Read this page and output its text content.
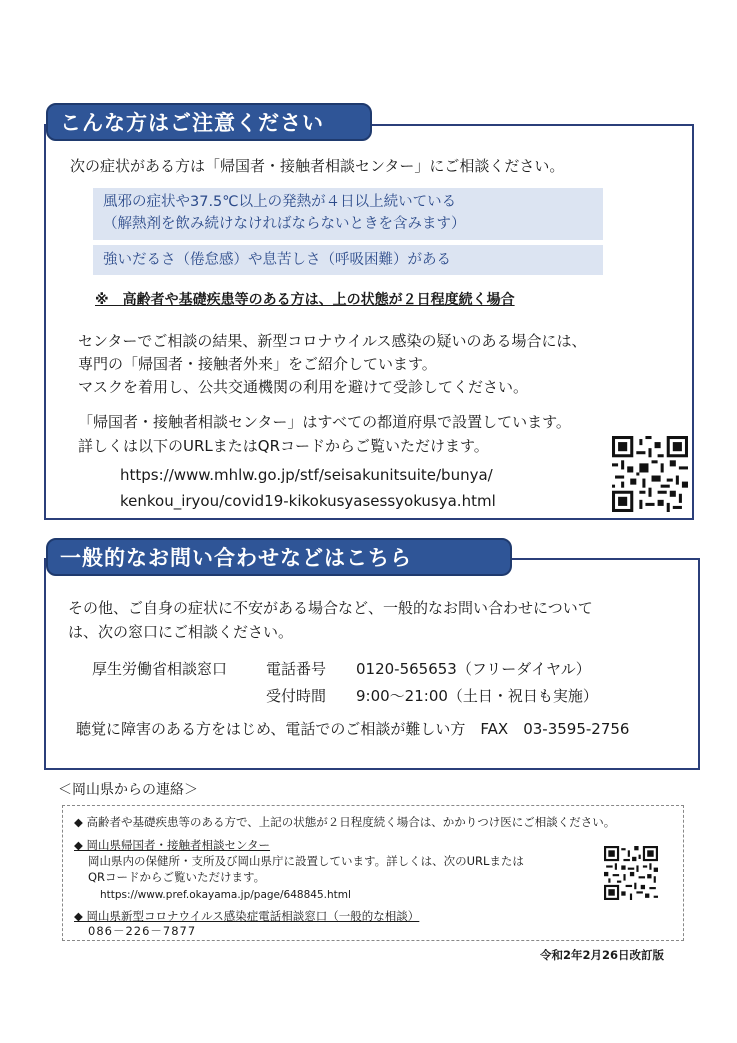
こんな方はご注意ください
次の症状がある方は「帰国者・接触者相談センター」にご相談ください。
風邪の症状や37.5℃以上の発熱が４日以上続いている
（解熱剤を飲み続けなければならないときを含みます）
強いだるさ（倦怠感）や息苦しさ（呼吸困難）がある
※　高齢者や基礎疾患等のある方は、上の状態が２日程度続く場合
センターでご相談の結果、新型コロナウイルス感染の疑いのある場合には、
専門の「帰国者・接触者外来」をご紹介しています。
マスクを着用し、公共交通機関の利用を避けて受診してください。
「帰国者・接触者相談センター」はすべての都道府県で設置しています。
詳しくは以下のURLまたはQRコードからご覧いただけます。
https://www.mhlw.go.jp/stf/seisakunitsuite/bunya/
kenkou_iryou/covid19-kikokusyasessyokusya.html
一般的なお問い合わせなどはこちら
その他、ご自身の症状に不安がある場合など、一般的なお問い合わせについて
は、次の窓口にご相談ください。
厚生労働省相談窓口	電話番号 0120-565653（フリーダイヤル）
受付時間 9:00～21:00（土日・祝日も実施）
聴覚に障害のある方をはじめ、電話でのご相談が難しい方　FAX　03-3595-2756
＜岡山県からの連絡＞
◆ 高齢者や基礎疾患等のある方で、上記の状態が２日程度続く場合は、かかりつけ医にご相談ください。
◆ 岡山県帰国者・接触者相談センター
岡山県内の保健所・支所及び岡山県庁に設置しています。詳しくは、次のURLまたは
QRコードからご覧いただけます。
https://www.pref.okayama.jp/page/648845.html
◆ 岡山県新型コロナウイルス感染症電話相談窓口（一般的な相談）
086－226－7877
令和2年2月26日改訂版
